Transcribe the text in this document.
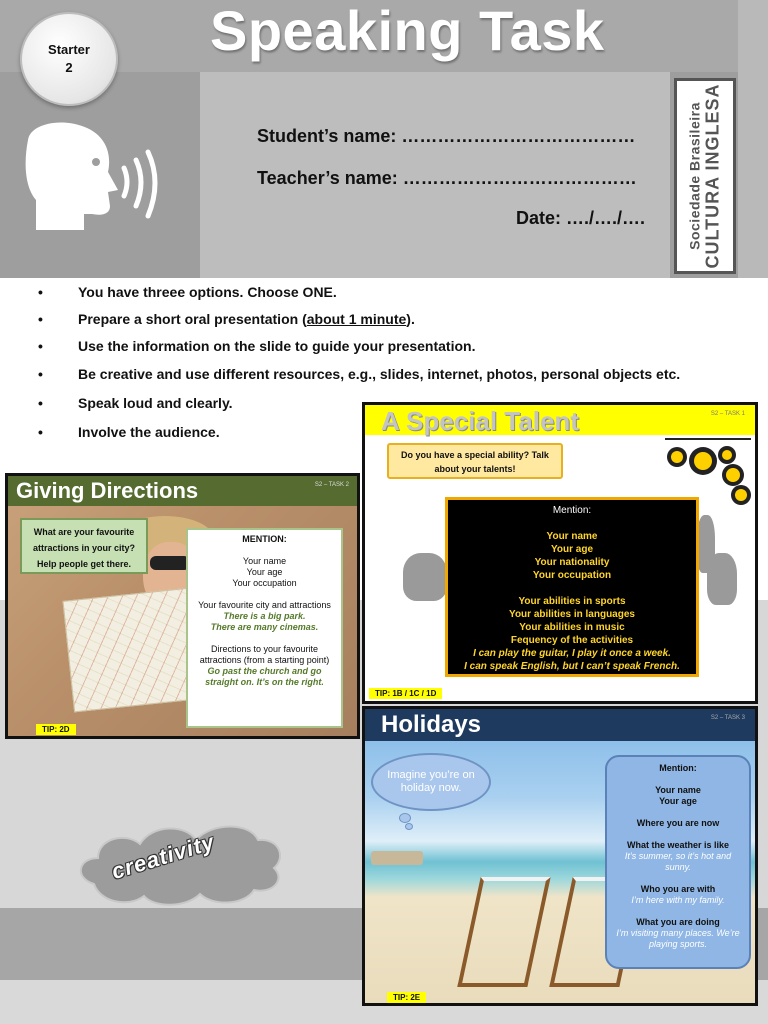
Speaking Task
Starter
2
Student’s name: …………………………………
Teacher’s name: …………………………………
Date: …./…./….	Sociedade Brasileira CULTURA INGLESA
• You have threee options. Choose ONE.
• Prepare a short oral presentation (about 1 minute).
• Use the information on the slide to guide your presentation.
• Be creative and use different resources, e.g., slides, internet, photos, personal objects etc.
• Speak loud and clearly.
• Involve the audience.
Giving Directions	S2 – TASK 2
What are your favourite attractions in your city? Help people get there.
MENTION:
Your name
Your age
Your occupation
Your favourite city and attractions
There is a big park.
There are many cinemas.
Directions to your favourite attractions (from a starting point)
Go past the church and go straight on. It’s on the right.
TIP: 2D
A Special Talent	S2 – TASK 1
Do you have a special ability? Talk about your talents!
Mention:
Your name
Your age
Your nationality
Your occupation
Your abilities in sports
Your abilities in languages
Your abilities in music
Fequency of the activities
I can play the guitar, I play it once a week.
I can speak English, but I can’t speak French.
TIP: 1B / 1C / 1D
Holidays	S2 – TASK 3
Imagine you’re on holiday now.
Mention:
Your name
Your age
Where you are now
What the weather is like
It’s summer, so it’s hot and sunny.
Who you are with
I’m here with my family.
What you are doing
I’m visiting many places. We’re playing sports.
TIP: 2E
creativity
